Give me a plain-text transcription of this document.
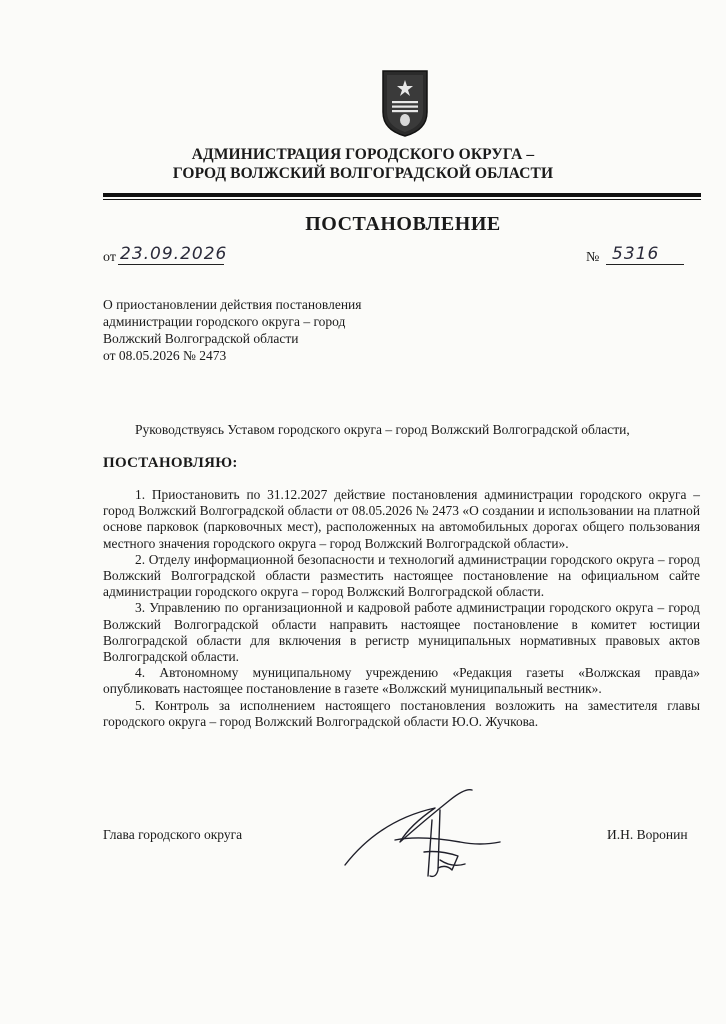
АДМИНИСТРАЦИЯ ГОРОДСКОГО ОКРУГА –
ГОРОД ВОЛЖСКИЙ ВОЛГОГРАДСКОЙ ОБЛАСТИ
ПОСТАНОВЛЕНИЕ
от 23.09.2026	№ 5316
О приостановлении действия постановления
администрации городского округа – город
Волжский Волгоградской области
от 08.05.2026 № 2473
Руководствуясь Уставом городского округа – город Волжский Волгоградской области,
ПОСТАНОВЛЯЮ:

1. Приостановить по 31.12.2027 действие постановления администрации городского округа – город Волжский Волгоградской области от 08.05.2026 № 2473 «О создании и использовании на платной основе парковок (парковочных мест), расположенных на автомобильных дорогах общего пользования местного значения городского округа – город Волжский Волгоградской области».

2. Отделу информационной безопасности и технологий администрации городского округа – город Волжский Волгоградской области разместить настоящее постановление на официальном сайте администрации городского округа – город Волжский Волгоградской области.

3. Управлению по организационной и кадровой работе администрации городского округа – город Волжский Волгоградской области направить настоящее постановление в комитет юстиции Волгоградской области для включения в регистр муниципальных нормативных правовых актов Волгоградской области.

4. Автономному муниципальному учреждению «Редакция газеты «Волжская правда» опубликовать настоящее постановление в газете «Волжский муниципальный вестник».

5. Контроль за исполнением настоящего постановления возложить на заместителя главы городского округа – город Волжский Волгоградской области Ю.О. Жучкова.

Глава городского округа	И.Н. Воронин
